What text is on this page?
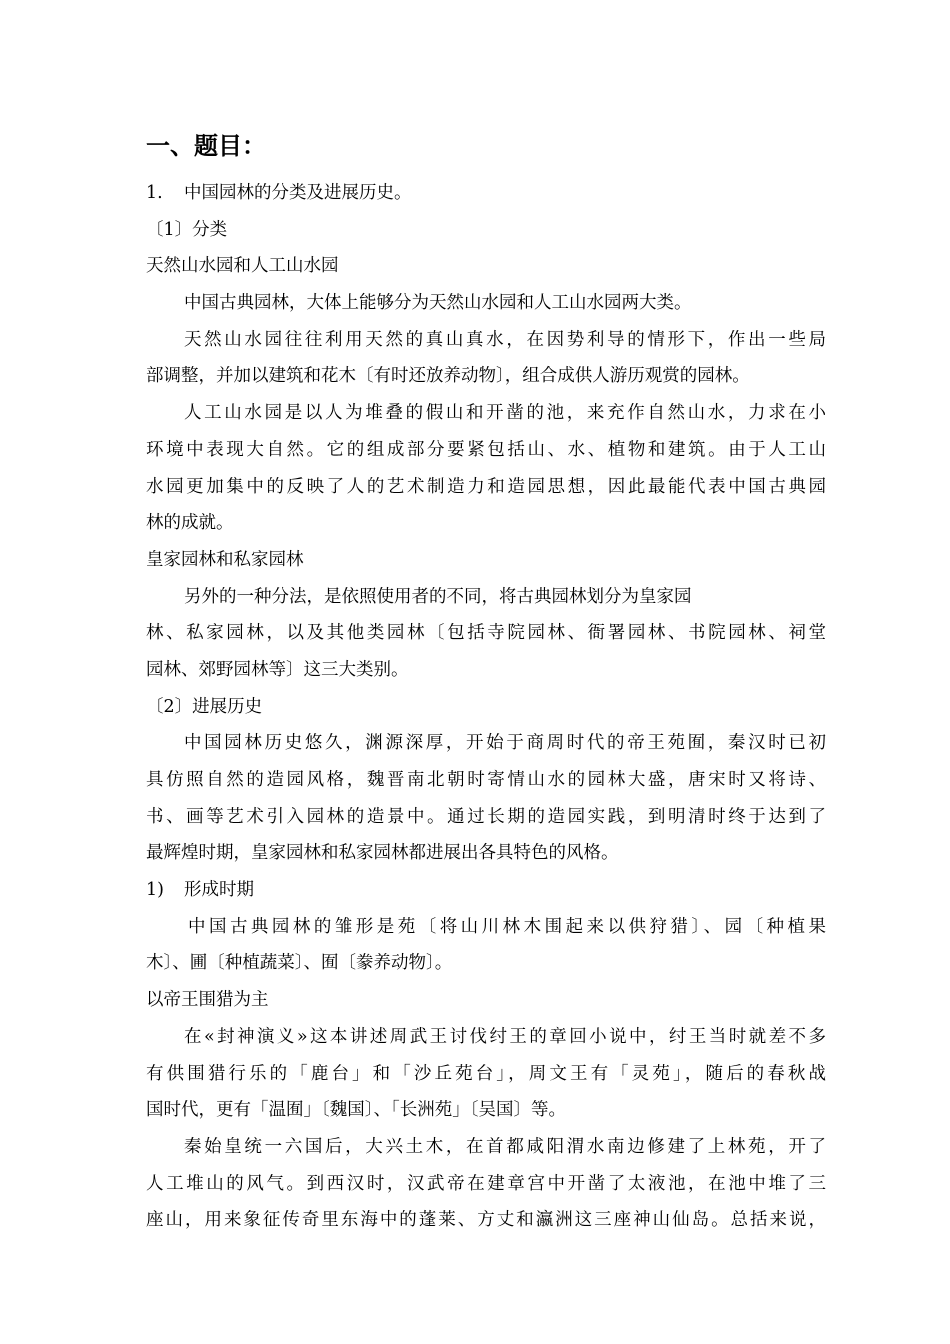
一、题目：
1. 中国园林的分类及进展历史。
〔1〕分类
天然山水园和人工山水园
中国古典园林，大体上能够分为天然山水园和人工山水园两大类。
天然山水园往往利用天然的真山真水，在因势利导的情形下，作出一些局
部调整，并加以建筑和花木〔有时还放养动物〕，组合成供人游历观赏的园林。
人工山水园是以人为堆叠的假山和开凿的池，来充作自然山水，力求在小
环境中表现大自然。它的组成部分要紧包括山、水、植物和建筑。由于人工山
水园更加集中的反映了人的艺术制造力和造园思想，因此最能代表中国古典园
林的成就。
皇家园林和私家园林
另外的一种分法，是依照使用者的不同，将古典园林划分为皇家园
林、私家园林，以及其他类园林〔包括寺院园林、衙署园林、书院园林、祠堂
园林、郊野园林等〕这三大类别。
〔2〕进展历史
中国园林历史悠久，渊源深厚，开始于商周时代的帝王苑囿，秦汉时已初
具仿照自然的造园风格，魏晋南北朝时寄情山水的园林大盛，唐宋时又将诗、
书、画等艺术引入园林的造景中。通过长期的造园实践，到明清时终于达到了
最辉煌时期，皇家园林和私家园林都进展出各具特色的风格。
1) 形成时期
中国古典园林的雏形是苑〔将山川林木围起来以供狩猎〕、园〔种植果
木〕、圃〔种植蔬菜〕、囿〔豢养动物〕。
以帝王围猎为主
在«封神演义»这本讲述周武王讨伐纣王的章回小说中，纣王当时就差不多
有供围猎行乐的「鹿台」和「沙丘苑台」，周文王有「灵苑」，随后的春秋战
国时代，更有「温囿」〔魏国〕、「长洲苑」〔吴国〕等。
秦始皇统一六国后，大兴土木，在首都咸阳渭水南边修建了上林苑，开了
人工堆山的风气。到西汉时，汉武帝在建章宫中开凿了太液池，在池中堆了三
座山，用来象征传奇里东海中的蓬莱、方丈和瀛洲这三座神山仙岛。总括来说，
